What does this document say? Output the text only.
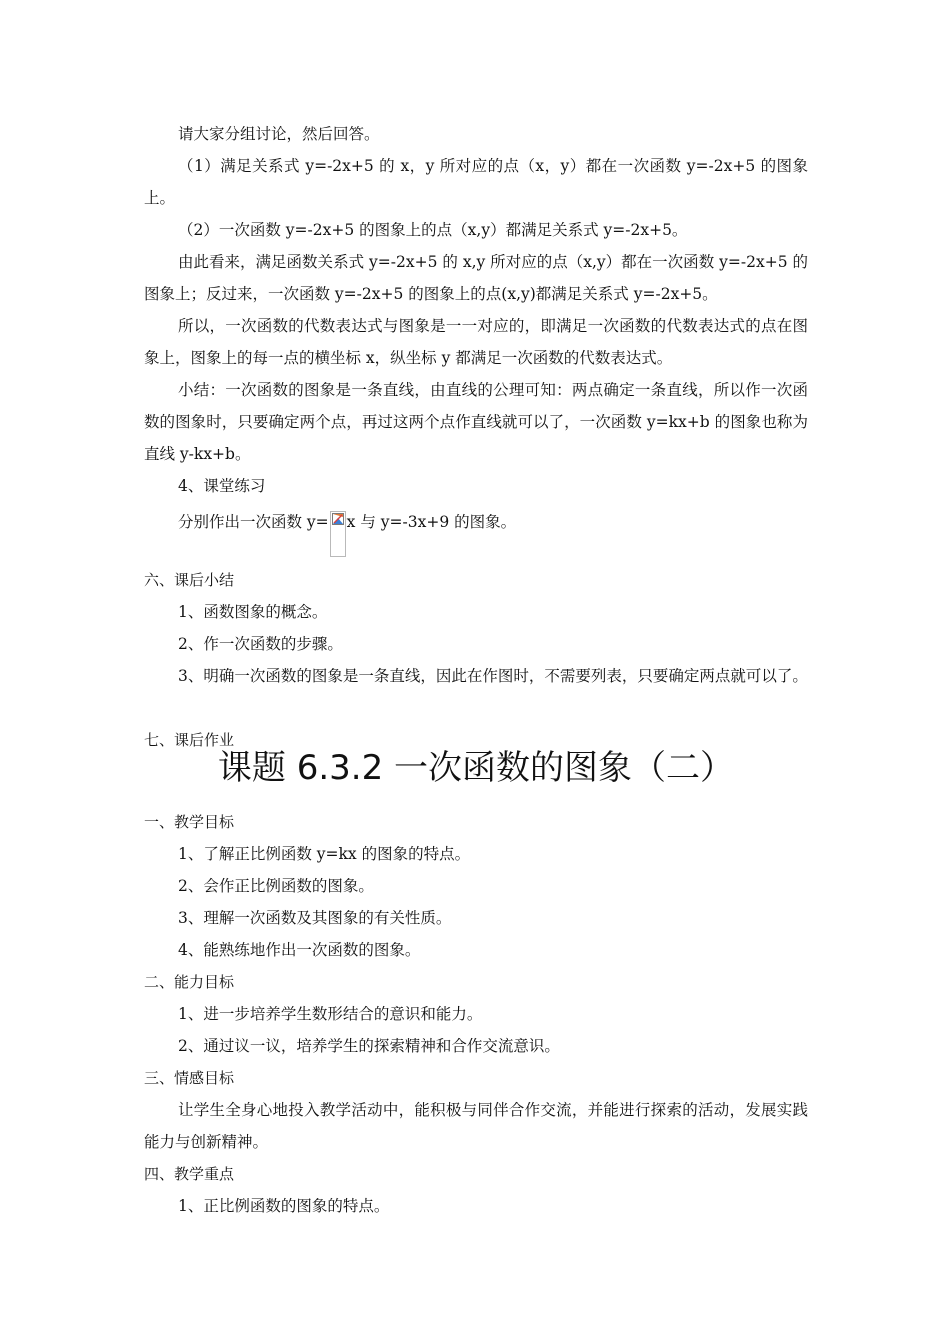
请大家分组讨论，然后回答。
（1）满足关系式 y=-2x+5 的 x，y 所对应的点（x，y）都在一次函数 y=-2x+5 的图象上。
（2）一次函数 y=-2x+5 的图象上的点（x,y）都满足关系式 y=-2x+5。
由此看来，满足函数关系式 y=-2x+5 的 x,y 所对应的点（x,y）都在一次函数 y=-2x+5 的图象上；反过来，一次函数 y=-2x+5 的图象上的点(x,y)都满足关系式 y=-2x+5。
所以，一次函数的代数表达式与图象是一一对应的，即满足一次函数的代数表达式的点在图象上，图象上的每一点的横坐标 x，纵坐标 y 都满足一次函数的代数表达式。
小结：一次函数的图象是一条直线，由直线的公理可知：两点确定一条直线，所以作一次函数的图象时，只要确定两个点，再过这两个点作直线就可以了，一次函数 y=kx+b 的图象也称为直线 y-kx+b。
4、课堂练习
分别作出一次函数 y= x 与 y=-3x+9 的图象。
六、课后小结
1、函数图象的概念。
2、作一次函数的步骤。
3、明确一次函数的图象是一条直线，因此在作图时，不需要列表，只要确定两点就可以了。
七、课后作业
课题 6.3.2 一次函数的图象（二）
一、教学目标
1、了解正比例函数 y=kx 的图象的特点。
2、会作正比例函数的图象。
3、理解一次函数及其图象的有关性质。
4、能熟练地作出一次函数的图象。
二、能力目标
1、进一步培养学生数形结合的意识和能力。
2、通过议一议，培养学生的探索精神和合作交流意识。
三、情感目标
让学生全身心地投入教学活动中，能积极与同伴合作交流，并能进行探索的活动，发展实践能力与创新精神。
四、教学重点
1、正比例函数的图象的特点。
